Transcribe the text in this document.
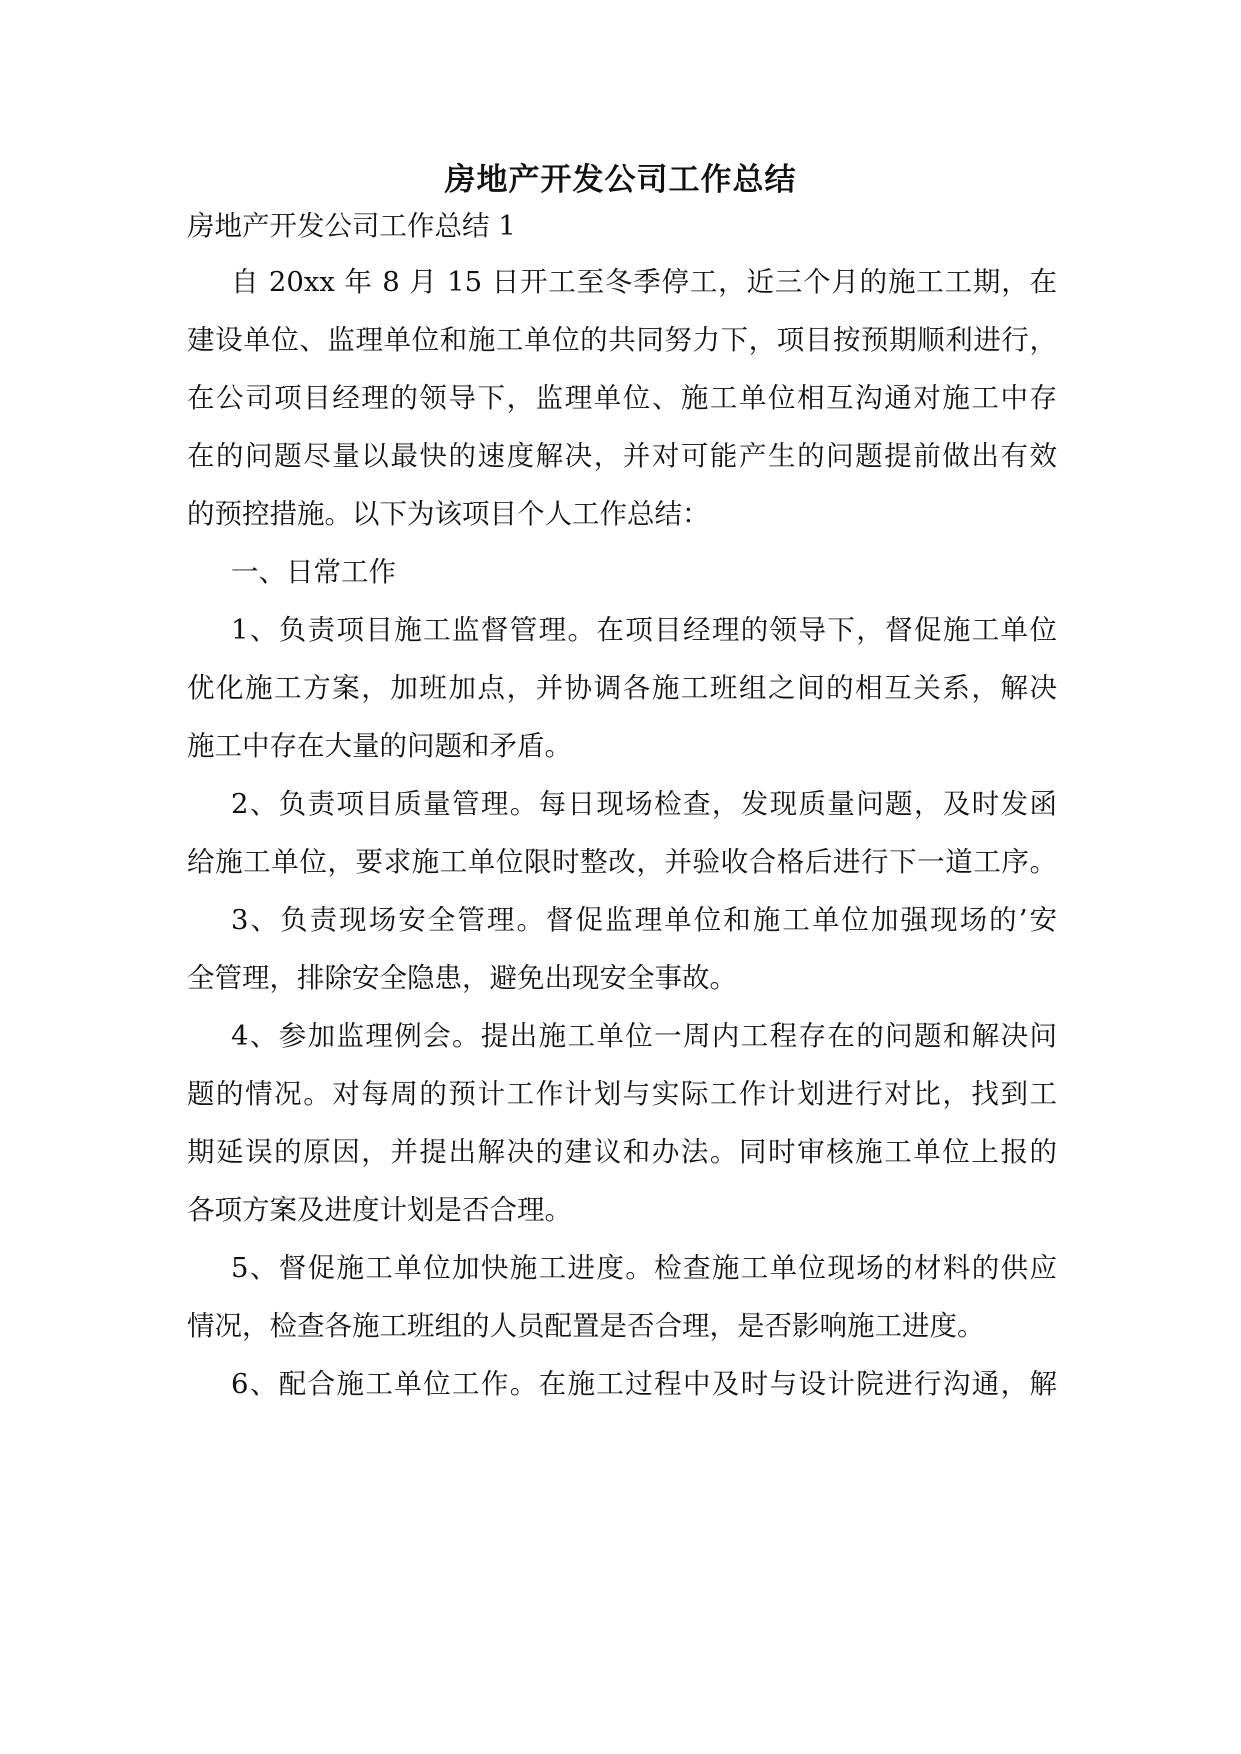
房地产开发公司工作总结
房地产开发公司工作总结 1
自 20xx 年 8 月 15 日开工至冬季停工，近三个月的施工工期，在
建设单位、监理单位和施工单位的共同努力下，项目按预期顺利进行，
在公司项目经理的领导下，监理单位、施工单位相互沟通对施工中存
在的问题尽量以最快的速度解决，并对可能产生的问题提前做出有效
的预控措施。以下为该项目个人工作总结：
一、日常工作
1、负责项目施工监督管理。在项目经理的领导下，督促施工单位
优化施工方案，加班加点，并协调各施工班组之间的相互关系，解决
施工中存在大量的问题和矛盾。
2、负责项目质量管理。每日现场检查，发现质量问题，及时发函
给施工单位，要求施工单位限时整改，并验收合格后进行下一道工序。
3、负责现场安全管理。督促监理单位和施工单位加强现场的’安
全管理，排除安全隐患，避免出现安全事故。
4、参加监理例会。提出施工单位一周内工程存在的问题和解决问
题的情况。对每周的预计工作计划与实际工作计划进行对比，找到工
期延误的原因，并提出解决的建议和办法。同时审核施工单位上报的
各项方案及进度计划是否合理。
5、督促施工单位加快施工进度。检查施工单位现场的材料的供应
情况，检查各施工班组的人员配置是否合理，是否影响施工进度。
6、配合施工单位工作。在施工过程中及时与设计院进行沟通，解
